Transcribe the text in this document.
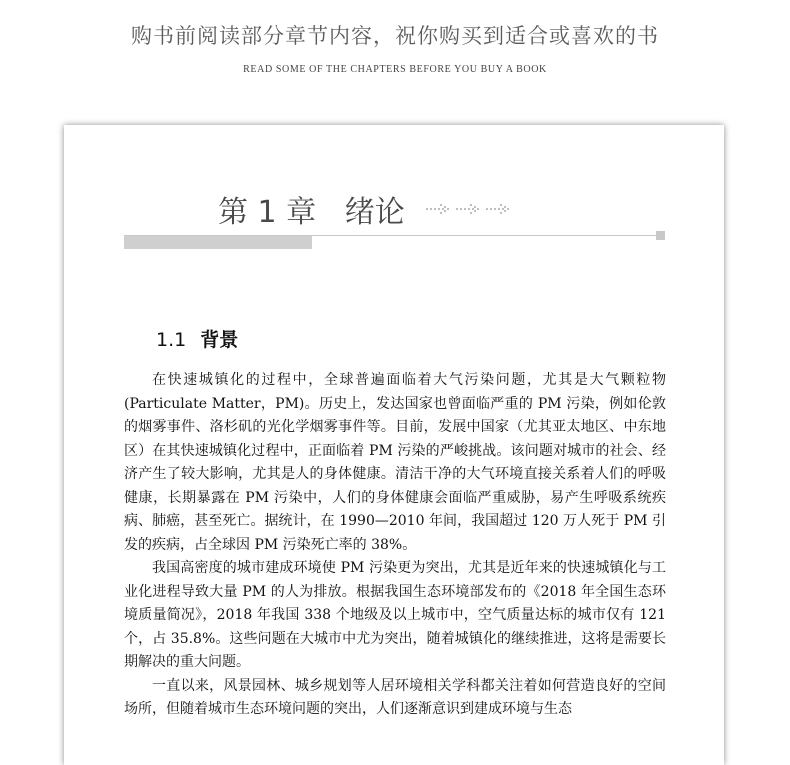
购书前阅读部分章节内容，祝你购买到适合或喜欢的书
READ SOME OF THE CHAPTERS BEFORE YOU BUY A BOOK
第 1 章   绪论
1.1 背景

在快速城镇化的过程中，全球普遍面临着大气污染问题，尤其是大气颗粒物(Particulate Matter，PM)。历史上，发达国家也曾面临严重的 PM 污染，例如伦敦的烟雾事件、洛杉矶的光化学烟雾事件等。目前，发展中国家（尤其亚太地区、中东地区）在其快速城镇化过程中，正面临着 PM 污染的严峻挑战。该问题对城市的社会、经济产生了较大影响，尤其是人的身体健康。清洁干净的大气环境直接关系着人们的呼吸健康，长期暴露在 PM 污染中，人们的身体健康会面临严重威胁，易产生呼吸系统疾病、肺癌，甚至死亡。据统计，在 1990—2010 年间，我国超过 120 万人死于 PM 引发的疾病，占全球因 PM 污染死亡率的 38%。

我国高密度的城市建成环境使 PM 污染更为突出，尤其是近年来的快速城镇化与工业化进程导致大量 PM 的人为排放。根据我国生态环境部发布的《2018 年全国生态环境质量简况》，2018 年我国 338 个地级及以上城市中，空气质量达标的城市仅有 121 个，占 35.8%。这些问题在大城市中尤为突出，随着城镇化的继续推进，这将是需要长期解决的重大问题。

一直以来，风景园林、城乡规划等人居环境相关学科都关注着如何营造良好的空间场所，但随着城市生态环境问题的突出，人们逐渐意识到建成环境与生态
